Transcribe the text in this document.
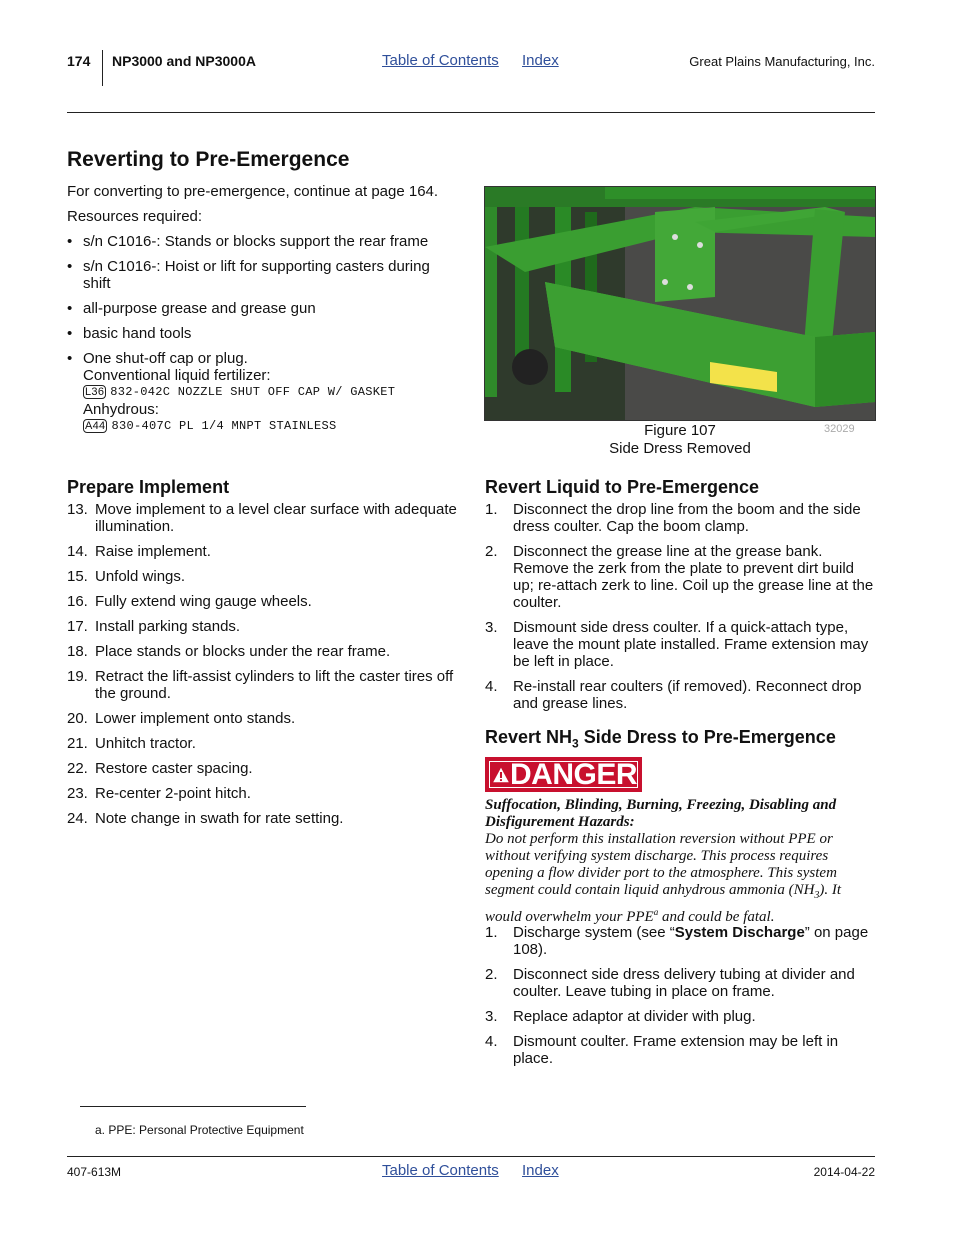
174 NP3000 and NP3000A	Table of Contents Index	Great Plains Manufacturing, Inc.
Reverting to Pre-Emergence

For converting to pre-emergence, continue at page 164.

Resources required:

• s/n C1016-: Stands or blocks support the rear frame
• s/n C1016-: Hoist or lift for supporting casters during shift
• all-purpose grease and grease gun
• basic hand tools
• One shut-off cap or plug.
Conventional liquid fertilizer:
L36 832-042C NOZZLE SHUT OFF CAP W/ GASKET
Anhydrous:
A44 830-407C PL 1/4 MNPT STAINLESS	Figure 107
Side Dress Removed
32029
Prepare Implement
13. Move implement to a level clear surface with adequate illumination.
14. Raise implement.
15. Unfold wings.
16. Fully extend wing gauge wheels.
17. Install parking stands.
18. Place stands or blocks under the rear frame.
19. Retract the lift-assist cylinders to lift the caster tires off the ground.
20. Lower implement onto stands.
21. Unhitch tractor.
22. Restore caster spacing.
23. Re-center 2-point hitch.
24. Note change in swath for rate setting.
Revert Liquid to Pre-Emergence
1. Disconnect the drop line from the boom and the side dress coulter. Cap the boom clamp.
2. Disconnect the grease line at the grease bank. Remove the zerk from the plate to prevent dirt build up; re-attach zerk to line. Coil up the grease line at the coulter.
3. Dismount side dress coulter. If a quick-attach type, leave the mount plate installed. Frame extension may be left in place.
4. Re-install rear coulters (if removed). Reconnect drop and grease lines.
Revert $NH_3$ Side Dress to Pre-Emergence
DANGER
Suffocation, Blinding, Burning, Freezing, Disabling and Disfigurement Hazards:
Do not perform this installation reversion without PPE or without verifying system discharge. This process requires opening a flow divider port to the atmosphere. This system segment could contain liquid anhydrous ammonia $(NH_3)$. It would overwhelm your PPE$^a$ and could be fatal.
1. Discharge system (see “System Discharge” on page 108).
2. Disconnect side dress delivery tubing at divider and coulter. Leave tubing in place on frame.
3. Replace adaptor at divider with plug.
4. Dismount coulter. Frame extension may be left in place.
a. PPE: Personal Protective Equipment
407-613M	Table of Contents Index	2014-04-22
